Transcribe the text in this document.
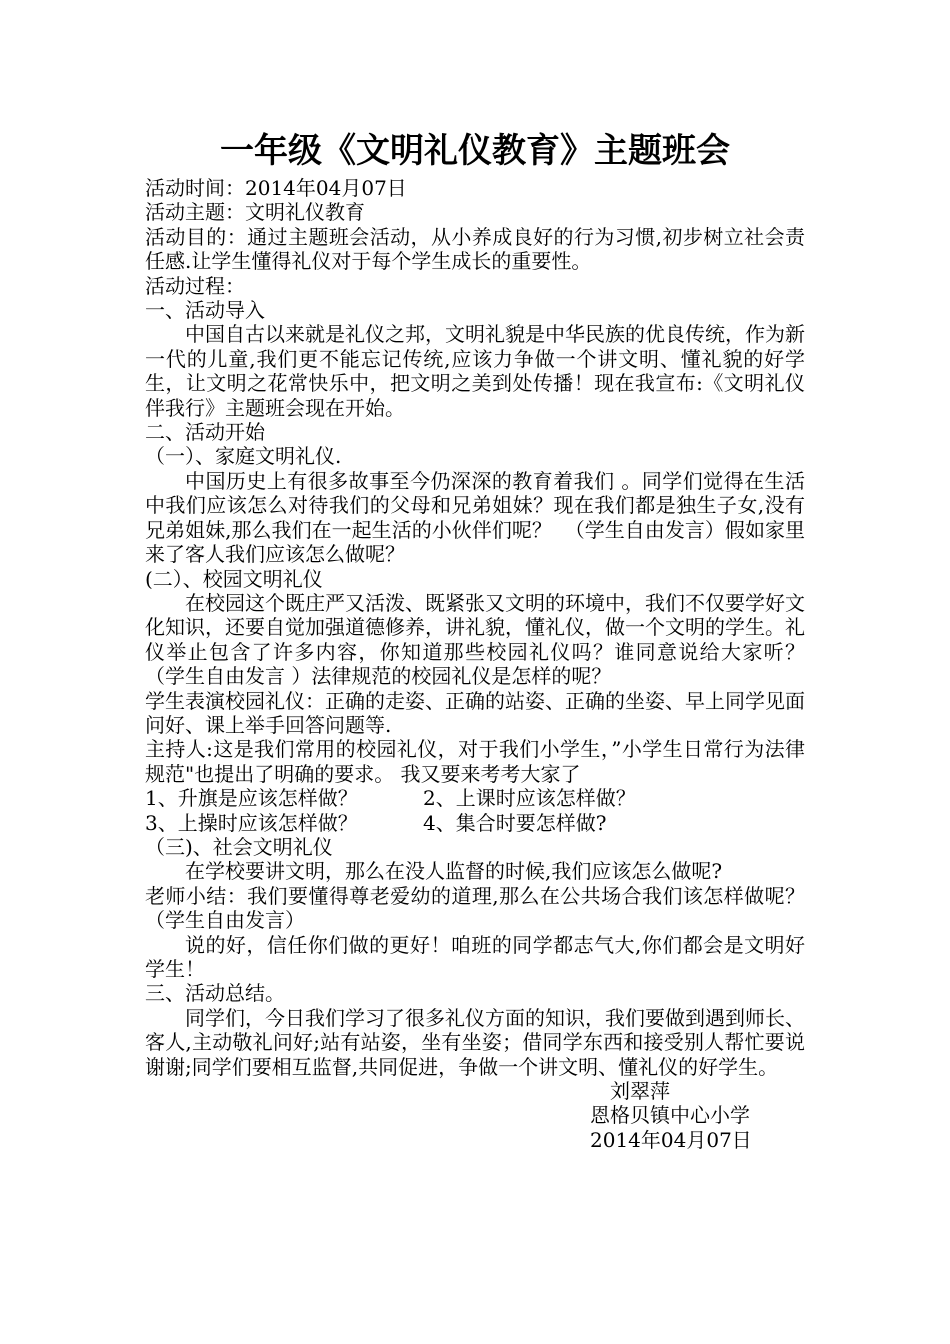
一年级《文明礼仪教育》主题班会

活动时间：2014年04月07日

活动主题：文明礼仪教育

活动目的：通过主题班会活动，从小养成良好的行为习惯,初步树立社会责任感.让学生懂得礼仪对于每个学生成长的重要性。

活动过程：

一、活动导入

中国自古以来就是礼仪之邦，文明礼貌是中华民族的优良传统，作为新一代的儿童,我们更不能忘记传统,应该力争做一个讲文明、懂礼貌的好学生，让文明之花常快乐中，把文明之美到处传播！现在我宣布:《文明礼仪伴我行》主题班会现在开始。

二、活动开始

（一）、家庭文明礼仪.

中国历史上有很多故事至今仍深深的教育着我们 。同学们觉得在生活中我们应该怎么对待我们的父母和兄弟姐妹？现在我们都是独生子女,没有兄弟姐妹,那么我们在一起生活的小伙伴们呢？  （学生自由发言）假如家里来了客人我们应该怎么做呢？

(二）、校园文明礼仪

在校园这个既庄严又活泼、既紧张又文明的环境中，我们不仅要学好文化知识，还要自觉加强道德修养，讲礼貌，懂礼仪，做一个文明的学生。礼仪举止包含了许多内容，你知道那些校园礼仪吗？谁同意说给大家听？  （学生自由发言 ）法律规范的校园礼仪是怎样的呢？

学生表演校园礼仪：正确的走姿、正确的站姿、正确的坐姿、早上同学见面问好、课上举手回答问题等.

主持人:这是我们常用的校园礼仪，对于我们小学生，”小学生日常行为法律规范"也提出了明确的要求。 我又要来考考大家了

1、升旗是应该怎样做？	2、上课时应该怎样做？
3、上操时应该怎样做？	4、集合时要怎样做?

（三)、社会文明礼仪

在学校要讲文明，那么在没人监督的时候,我们应该怎么做呢?

老师小结：我们要懂得尊老爱幼的道理,那么在公共场合我们该怎样做呢？  （学生自由发言）

说的好，信任你们做的更好！咱班的同学都志气大,你们都会是文明好学生！

三、活动总结。

同学们，今日我们学习了很多礼仪方面的知识，我们要做到遇到师长、客人,主动敬礼问好;站有站姿，坐有坐姿；借同学东西和接受别人帮忙要说谢谢;同学们要相互监督,共同促进，争做一个讲文明、懂礼仪的好学生。

刘翠萍
恩格贝镇中心小学
2014年04月07日
